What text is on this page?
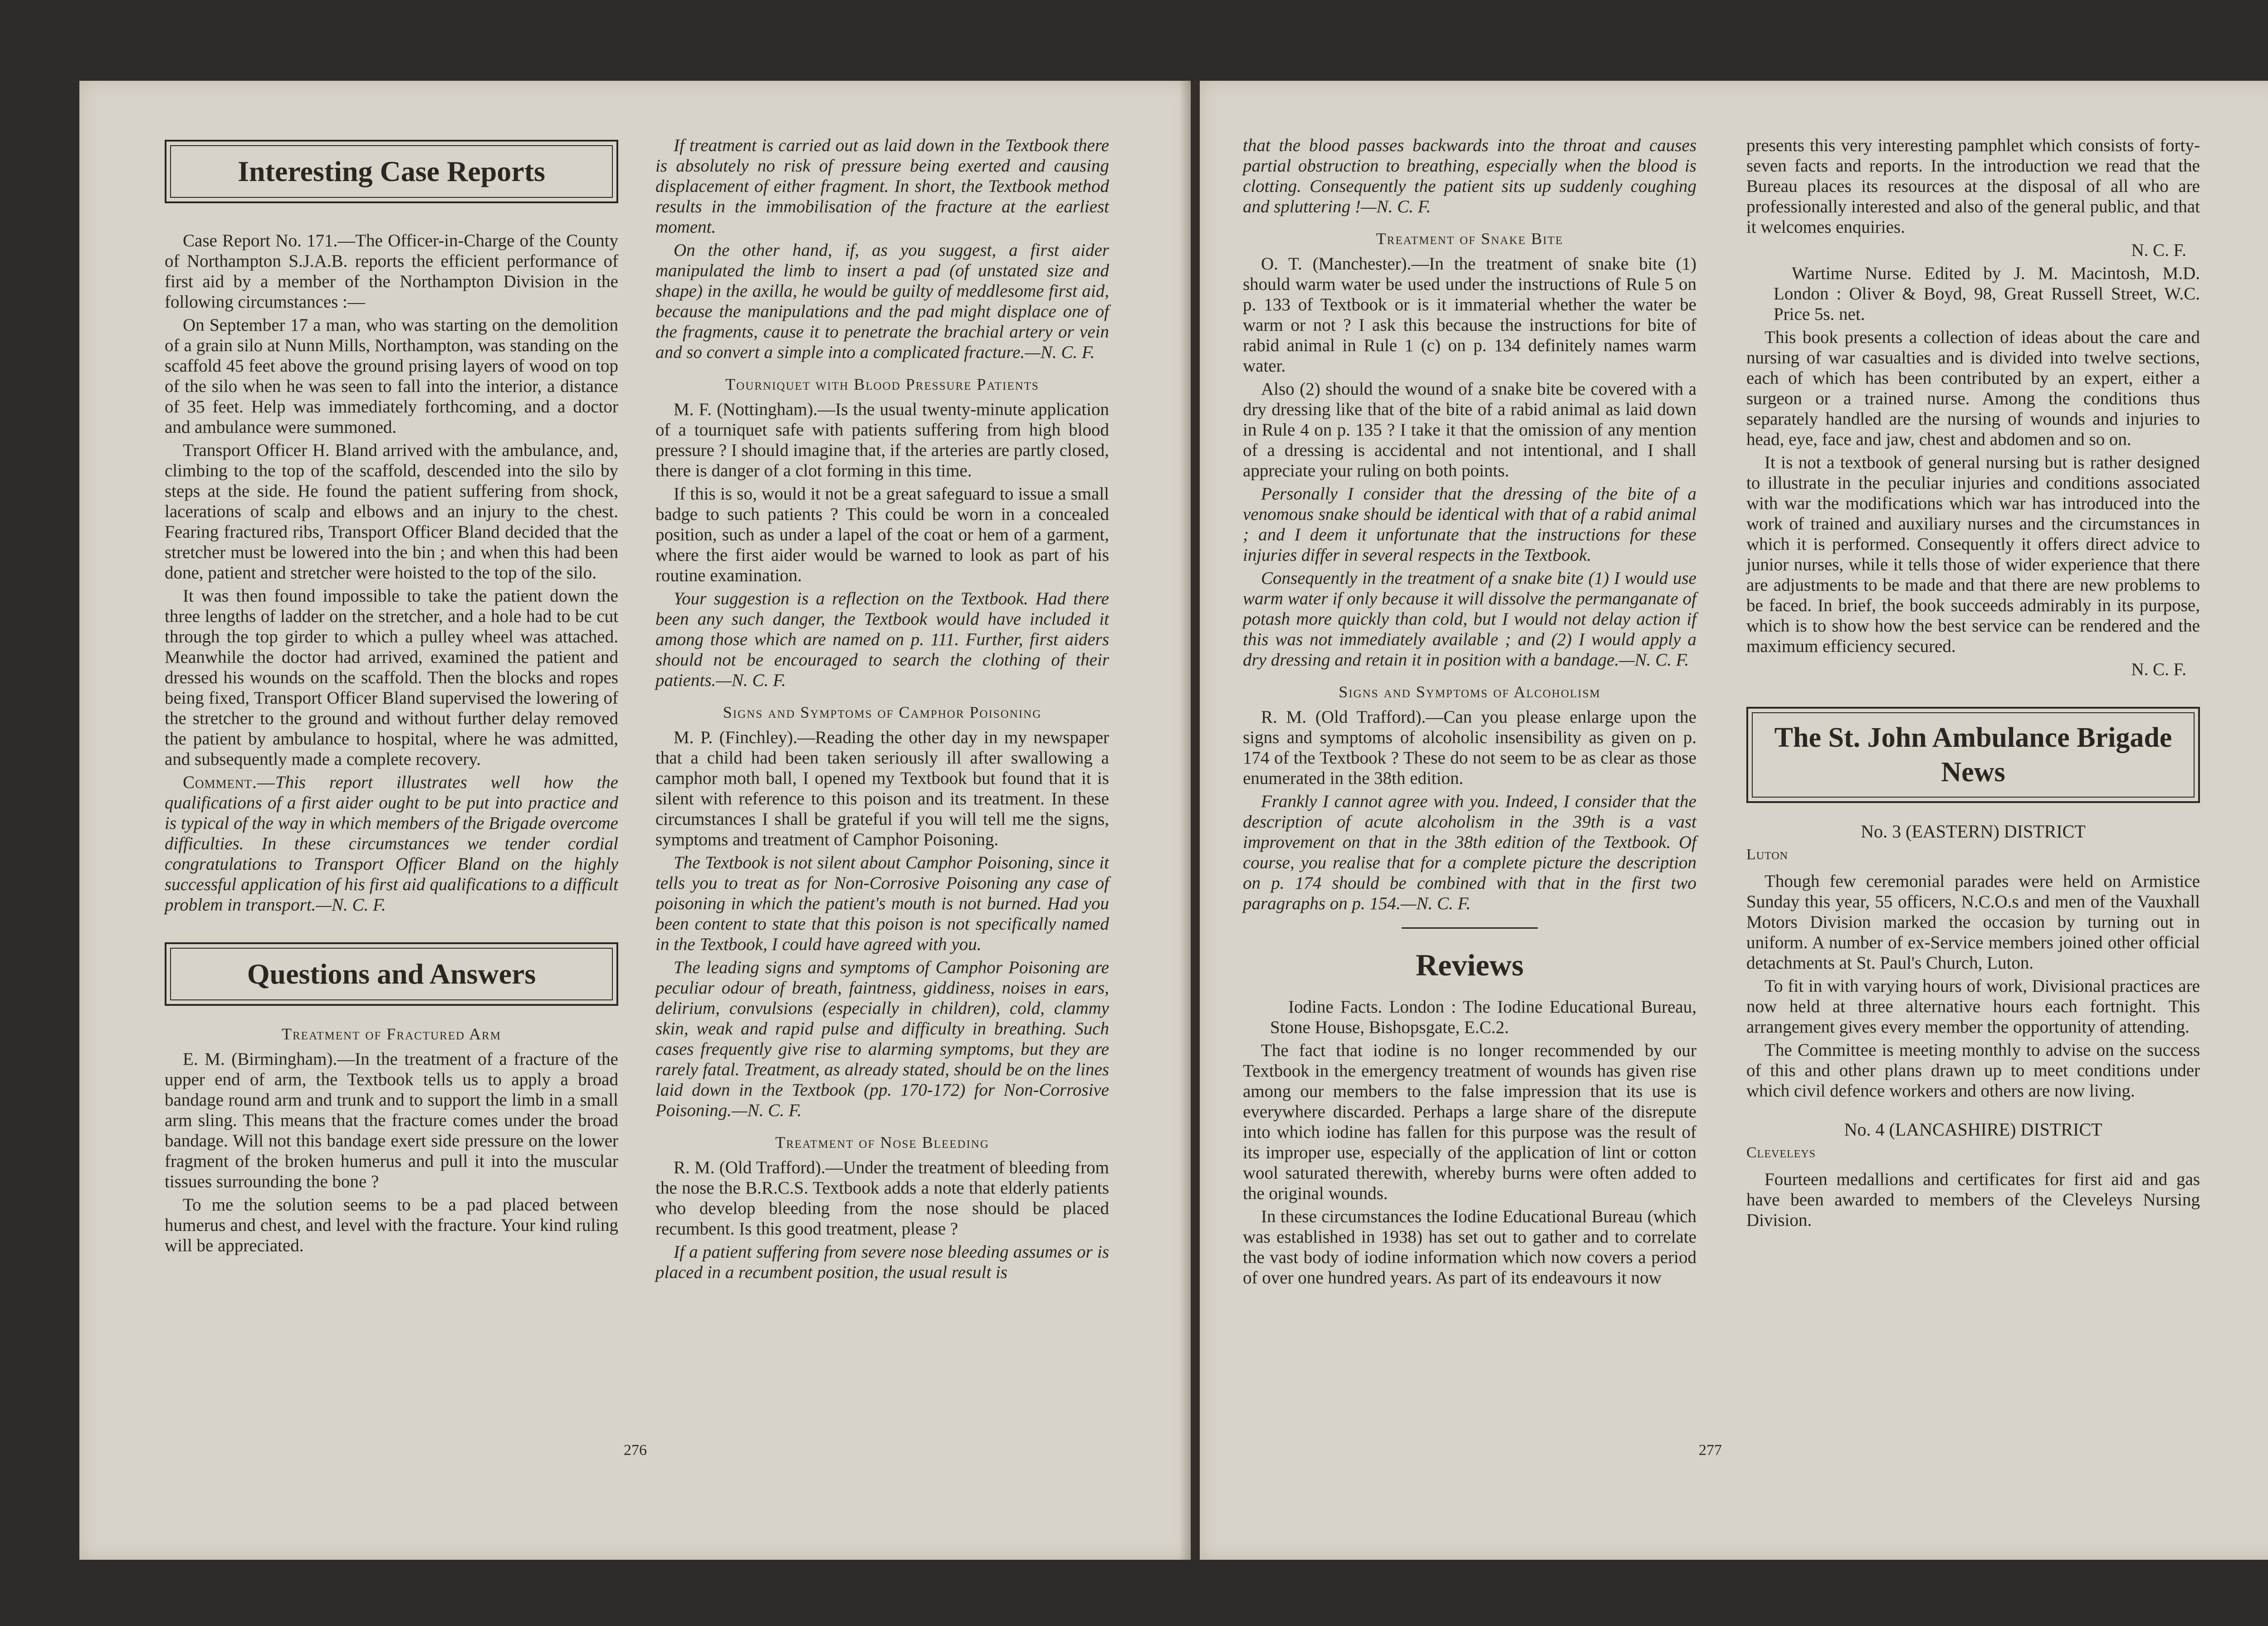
Interesting Case Reports

Case Report No. 171.—The Officer-in-Charge of the County of Northampton S.J.A.B. reports the efficient performance of first aid by a member of the Northampton Division in the following circumstances :—

On September 17 a man, who was starting on the demolition of a grain silo at Nunn Mills, Northampton, was standing on the scaffold 45 feet above the ground prising layers of wood on top of the silo when he was seen to fall into the interior, a distance of 35 feet. Help was immediately forthcoming, and a doctor and ambulance were summoned.

Transport Officer H. Bland arrived with the ambulance, and, climbing to the top of the scaffold, descended into the silo by steps at the side. He found the patient suffering from shock, lacerations of scalp and elbows and an injury to the chest. Fearing fractured ribs, Transport Officer Bland decided that the stretcher must be lowered into the bin ; and when this had been done, patient and stretcher were hoisted to the top of the silo.

It was then found impossible to take the patient down the three lengths of ladder on the stretcher, and a hole had to be cut through the top girder to which a pulley wheel was attached. Meanwhile the doctor had arrived, examined the patient and dressed his wounds on the scaffold. Then the blocks and ropes being fixed, Transport Officer Bland supervised the lowering of the stretcher to the ground and without further delay removed the patient by ambulance to hospital, where he was admitted, and subsequently made a complete recovery.

Comment.—This report illustrates well how the qualifications of a first aider ought to be put into practice and is typical of the way in which members of the Brigade overcome difficulties. In these circumstances we tender cordial congratulations to Transport Officer Bland on the highly successful application of his first aid qualifications to a difficult problem in transport.—N. C. F.

Questions and Answers
Treatment of Fractured Arm

E. M. (Birmingham).—In the treatment of a fracture of the upper end of arm, the Textbook tells us to apply a broad bandage round arm and trunk and to support the limb in a small arm sling. This means that the fracture comes under the broad bandage. Will not this bandage exert side pressure on the lower fragment of the broken humerus and pull it into the muscular tissues surrounding the bone ?

To me the solution seems to be a pad placed between humerus and chest, and level with the fracture. Your kind ruling will be appreciated.

If treatment is carried out as laid down in the Textbook there is absolutely no risk of pressure being exerted and causing displacement of either fragment. In short, the Textbook method results in the immobilisation of the fracture at the earliest moment.

On the other hand, if, as you suggest, a first aider manipulated the limb to insert a pad (of unstated size and shape) in the axilla, he would be guilty of meddlesome first aid, because the manipulations and the pad might displace one of the fragments, cause it to penetrate the brachial artery or vein and so convert a simple into a complicated fracture.—N. C. F.

Tourniquet with Blood Pressure Patients

M. F. (Nottingham).—Is the usual twenty-minute application of a tourniquet safe with patients suffering from high blood pressure ? I should imagine that, if the arteries are partly closed, there is danger of a clot forming in this time.

If this is so, would it not be a great safeguard to issue a small badge to such patients ? This could be worn in a concealed position, such as under a lapel of the coat or hem of a garment, where the first aider would be warned to look as part of his routine examination.

Your suggestion is a reflection on the Textbook. Had there been any such danger, the Textbook would have included it among those which are named on p. 111. Further, first aiders should not be encouraged to search the clothing of their patients.—N. C. F.

Signs and Symptoms of Camphor Poisoning

M. P. (Finchley).—Reading the other day in my newspaper that a child had been taken seriously ill after swallowing a camphor moth ball, I opened my Textbook but found that it is silent with reference to this poison and its treatment. In these circumstances I shall be grateful if you will tell me the signs, symptoms and treatment of Camphor Poisoning.

The Textbook is not silent about Camphor Poisoning, since it tells you to treat as for Non-Corrosive Poisoning any case of poisoning in which the patient's mouth is not burned. Had you been content to state that this poison is not specifically named in the Textbook, I could have agreed with you.

The leading signs and symptoms of Camphor Poisoning are peculiar odour of breath, faintness, giddiness, noises in ears, delirium, convulsions (especially in children), cold, clammy skin, weak and rapid pulse and difficulty in breathing. Such cases frequently give rise to alarming symptoms, but they are rarely fatal. Treatment, as already stated, should be on the lines laid down in the Textbook (pp. 170-172) for Non-Corrosive Poisoning.—N. C. F.

Treatment of Nose Bleeding

R. M. (Old Trafford).—Under the treatment of bleeding from the nose the B.R.C.S. Textbook adds a note that elderly patients who develop bleeding from the nose should be placed recumbent. Is this good treatment, please ?

If a patient suffering from severe nose bleeding assumes or is placed in a recumbent position, the usual result is

276

that the blood passes backwards into the throat and causes partial obstruction to breathing, especially when the blood is clotting. Consequently the patient sits up suddenly coughing and spluttering !—N. C. F.

Treatment of Snake Bite

O. T. (Manchester).—In the treatment of snake bite (1) should warm water be used under the instructions of Rule 5 on p. 133 of Textbook or is it immaterial whether the water be warm or not ? I ask this because the instructions for bite of rabid animal in Rule 1 (c) on p. 134 definitely names warm water.

Also (2) should the wound of a snake bite be covered with a dry dressing like that of the bite of a rabid animal as laid down in Rule 4 on p. 135 ? I take it that the omission of any mention of a dressing is accidental and not intentional, and I shall appreciate your ruling on both points.

Personally I consider that the dressing of the bite of a venomous snake should be identical with that of a rabid animal ; and I deem it unfortunate that the instructions for these injuries differ in several respects in the Textbook.

Consequently in the treatment of a snake bite (1) I would use warm water if only because it will dissolve the permanganate of potash more quickly than cold, but I would not delay action if this was not immediately available ; and (2) I would apply a dry dressing and retain it in position with a bandage.—N. C. F.

Signs and Symptoms of Alcoholism

R. M. (Old Trafford).—Can you please enlarge upon the signs and symptoms of alcoholic insensibility as given on p. 174 of the Textbook ? These do not seem to be as clear as those enumerated in the 38th edition.

Frankly I cannot agree with you. Indeed, I consider that the description of acute alcoholism in the 39th is a vast improvement on that in the 38th edition of the Textbook. Of course, you realise that for a complete picture the description on p. 174 should be combined with that in the first two paragraphs on p. 154.—N. C. F.

Reviews

Iodine Facts. London : The Iodine Educational Bureau, Stone House, Bishopsgate, E.C.2.

The fact that iodine is no longer recommended by our Textbook in the emergency treatment of wounds has given rise among our members to the false impression that its use is everywhere discarded. Perhaps a large share of the disrepute into which iodine has fallen for this purpose was the result of its improper use, especially of the application of lint or cotton wool saturated therewith, whereby burns were often added to the original wounds.

In these circumstances the Iodine Educational Bureau (which was established in 1938) has set out to gather and to correlate the vast body of iodine information which now covers a period of over one hundred years. As part of its endeavours it now

presents this very interesting pamphlet which consists of forty-seven facts and reports. In the introduction we read that the Bureau places its resources at the disposal of all who are professionally interested and also of the general public, and that it welcomes enquiries.

N. C. F.

Wartime Nurse. Edited by J. M. Macintosh, M.D. London : Oliver & Boyd, 98, Great Russell Street, W.C. Price 5s. net.

This book presents a collection of ideas about the care and nursing of war casualties and is divided into twelve sections, each of which has been contributed by an expert, either a surgeon or a trained nurse. Among the conditions thus separately handled are the nursing of wounds and injuries to head, eye, face and jaw, chest and abdomen and so on.

It is not a textbook of general nursing but is rather designed to illustrate in the peculiar injuries and conditions associated with war the modifications which war has introduced into the work of trained and auxiliary nurses and the circumstances in which it is performed. Consequently it offers direct advice to junior nurses, while it tells those of wider experience that there are adjustments to be made and that there are new problems to be faced. In brief, the book succeeds admirably in its purpose, which is to show how the best service can be rendered and the maximum efficiency secured.

N. C. F.

The St. John Ambulance Brigade News
No. 3 (EASTERN) DISTRICT
Luton

Though few ceremonial parades were held on Armistice Sunday this year, 55 officers, N.C.O.s and men of the Vauxhall Motors Division marked the occasion by turning out in uniform. A number of ex-Service members joined other official detachments at St. Paul's Church, Luton.

To fit in with varying hours of work, Divisional practices are now held at three alternative hours each fortnight. This arrangement gives every member the opportunity of attending.

The Committee is meeting monthly to advise on the success of this and other plans drawn up to meet conditions under which civil defence workers and others are now living.

No. 4 (LANCASHIRE) DISTRICT
Cleveleys

Fourteen medallions and certificates for first aid and gas have been awarded to members of the Cleveleys Nursing Division.

277
